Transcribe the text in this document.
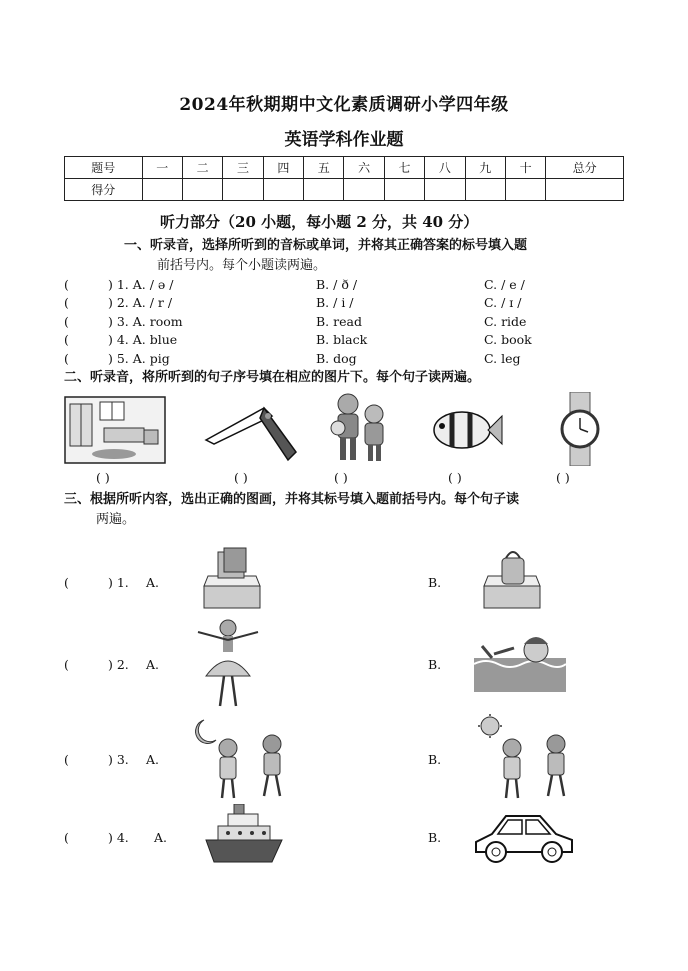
2024年秋期期中文化素质调研小学四年级
英语学科作业题
题号	一	二	三	四	五	六	七	八	九	十	总分
得分											
听力部分（20 小题，每小题 2 分，共 40 分）
一、听录音，选择所听到的音标或单词，并将其正确答案的标号填入题
前括号内。每个小题读两遍。
(	) 1. A. / ə /	B. / ð /	C. / e /
(	) 2. A. / r /	B. / i /	C. / ɪ /
(	) 3. A. room	B. read	C. ride
(	) 4. A. blue	B. black	C. book
(	) 5. A. pig	B. dog	C. leg
二、听录音，将所听到的句子序号填在相应的图片下。每个句子读两遍。
( )	( )	( )	( )	( )
三、根据所听内容，选出正确的图画，并将其标号填入题前括号内。每个句子读
两遍。
(	) 1. A.	B.
(	) 2. A.	B.
(	) 3. A.	B.
(	) 4. A.	B.
